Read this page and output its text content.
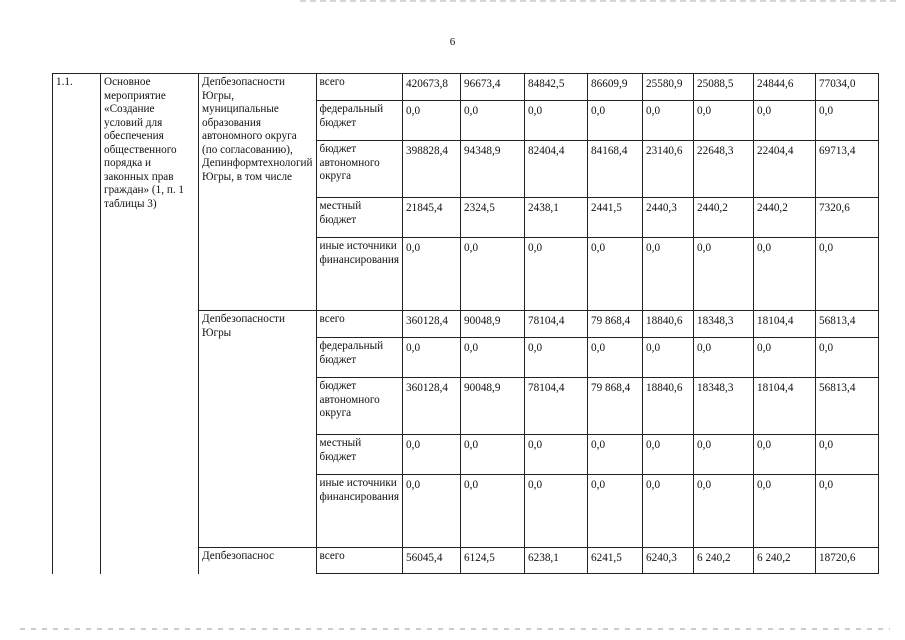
6
1.1.	Основное мероприятие «Создание условий для обеспечения общественного порядка и законных прав граждан» (1, п. 1 таблицы 3)	Депбезопасности Югры, муниципальные образования автономного округа (по согласованию), Депинформтехнологий Югры, в том числе	всего	420673,8	96673,4	84842,5	86609,9	25580,9	25088,5	24844,6	77034,0
			федеральный бюджет	0,0	0,0	0,0	0,0	0,0	0,0	0,0	0,0
			бюджет автономного округа	398828,4	94348,9	82404,4	84168,4	23140,6	22648,3	22404,4	69713,4
			местный бюджет	21845,4	2324,5	2438,1	2441,5	2440,3	2440,2	2440,2	7320,6
			иные источники финансирования	0,0	0,0	0,0	0,0	0,0	0,0	0,0	0,0
		Депбезопасности Югры	всего	360128,4	90048,9	78104,4	79 868,4	18840,6	18348,3	18104,4	56813,4
			федеральный бюджет	0,0	0,0	0,0	0,0	0,0	0,0	0,0	0,0
			бюджет автономного округа	360128,4	90048,9	78104,4	79 868,4	18840,6	18348,3	18104,4	56813,4
			местный бюджет	0,0	0,0	0,0	0,0	0,0	0,0	0,0	0,0
			иные источники финансирования	0,0	0,0	0,0	0,0	0,0	0,0	0,0	0,0
		Депбезопаснос	всего	56045,4	6124,5	6238,1	6241,5	6240,3	6 240,2	6 240,2	18720,6
